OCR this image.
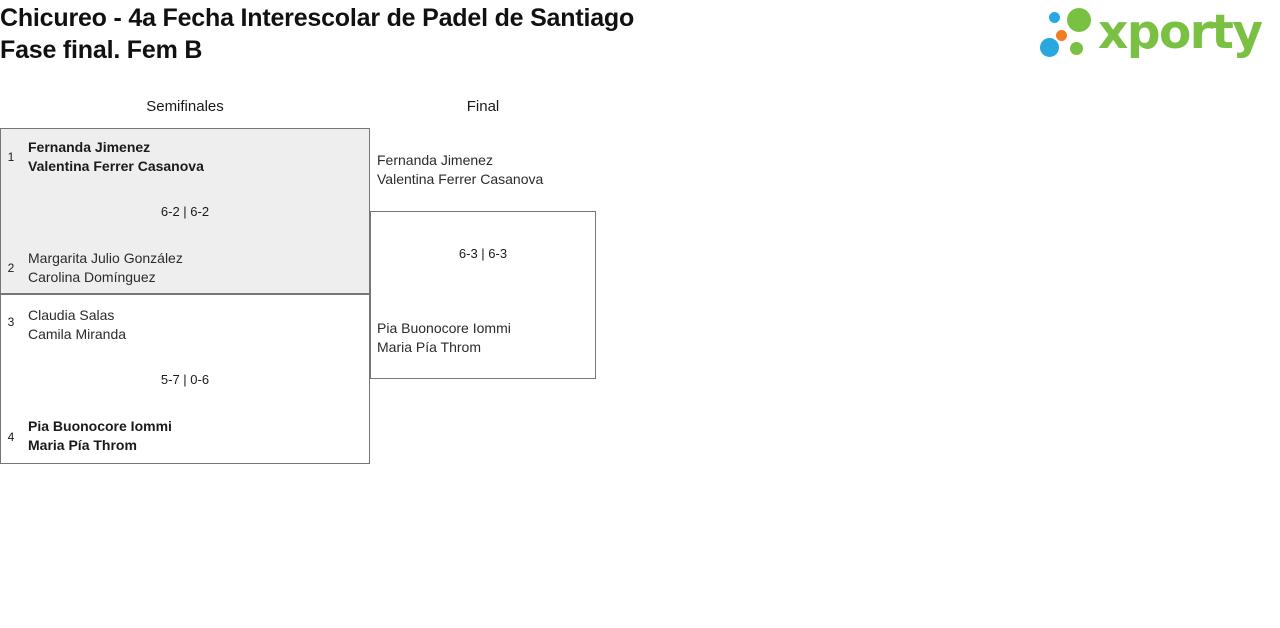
Chicureo - 4a Fecha Interescolar de Padel de Santiago
Fase final. Fem B	xporty
Semifinales	Final
1
Fernanda Jimenez
Valentina Ferrer Casanova
6-2 | 6-2
2
Margarita Julio González
Carolina Domínguez
3 Claudia Salas
Camila Miranda
5-7 | 0-6
4
Pia Buonocore Iommi
Maria Pía Throm
Fernanda Jimenez
Valentina Ferrer Casanova
6-3 | 6-3
Pia Buonocore Iommi
Maria Pía Throm
